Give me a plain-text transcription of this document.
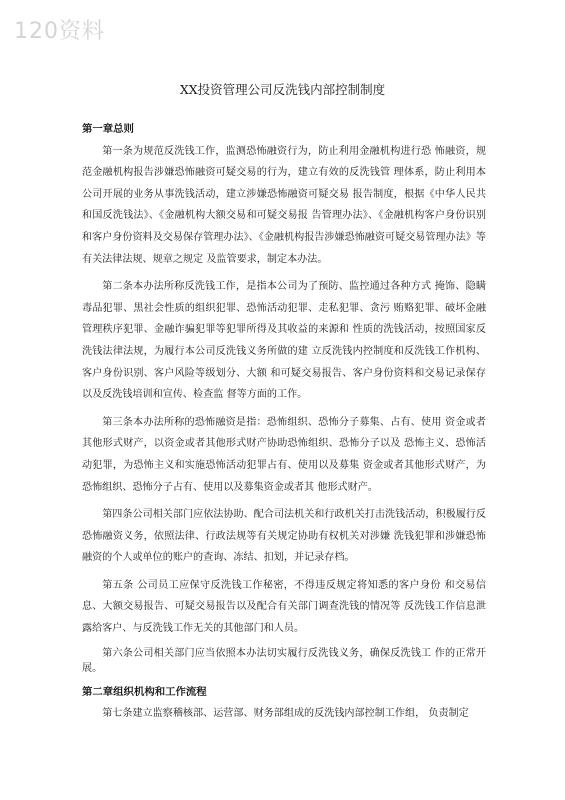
120资料
XX投资管理公司反洗钱内部控制制度

第一章总则

第一条为规范反洗钱工作，监测恐怖融资行为，防止利用金融机构进行恐 怖融资，规范金融机构报告涉嫌恐怖融资可疑交易的行为，建立有效的反洗钱管 理体系，防止利用本公司开展的业务从事洗钱活动，建立涉嫌恐怖融资可疑交易 报告制度，根据《中华人民共和国反洗钱法》、《金融机构大额交易和可疑交易报 告管理办法》、《金融机构客户身份识别和客户身份资料及交易保存管理办法》、《金融机构报告涉嫌恐怖融资可疑交易管理办法》等有关法律法规、规章之规定 及监管要求，制定本办法。

第二条本办法所称反洗钱工作，是指本公司为了预防、监控通过各种方式 掩饰、隐瞒毒品犯罪、黑社会性质的组织犯罪、恐怖活动犯罪、走私犯罪、贪污 贿赂犯罪、破坏金融管理秩序犯罪、金融诈骗犯罪等犯罪所得及其收益的来源和 性质的洗钱活动，按照国家反洗钱法律法规，为履行本公司反洗钱义务所做的建 立反洗钱内控制度和反洗钱工作机构、客户身份识别、客户风险等级划分、大额 和可疑交易报告、客户身份资料和交易记录保存以及反洗钱培训和宣传、检查监 督等方面的工作。

第三条本办法所称的恐怖融资是指：恐怖组织、恐怖分子募集、占有、使用 资金或者其他形式财产，以资金或者其他形式财产协助恐怖组织、恐怖分子以及 恐怖主义、恐怖活动犯罪，为恐怖主义和实施恐怖活动犯罪占有、使用以及募集 资金或者其他形式财产，为恐怖组织、恐怖分子占有、使用以及募集资金或者其 他形式财产。

第四条公司相关部门应依法协助、配合司法机关和行政机关打击洗钱活动，积极履行反恐怖融资义务，依照法律、行政法规等有关规定协助有权机关对涉嫌 洗钱犯罪和涉嫌恐怖融资的个人或单位的账户的查询、冻结、扣划，并记录存档。

第五条 公司员工应保守反洗钱工作秘密，不得违反规定将知悉的客户身份 和交易信息、大额交易报告、可疑交易报告以及配合有关部门调查洗钱的情况等 反洗钱工作信息泄露给客户、与反洗钱工作无关的其他部门和人员。

第六条公司相关部门应当依照本办法切实履行反洗钱义务，确保反洗钱工 作的正常开展。

第二章组织机构和工作流程

第七条建立监察稽核部、运营部、财务部组成的反洗钱内部控制工作组， 负责制定
